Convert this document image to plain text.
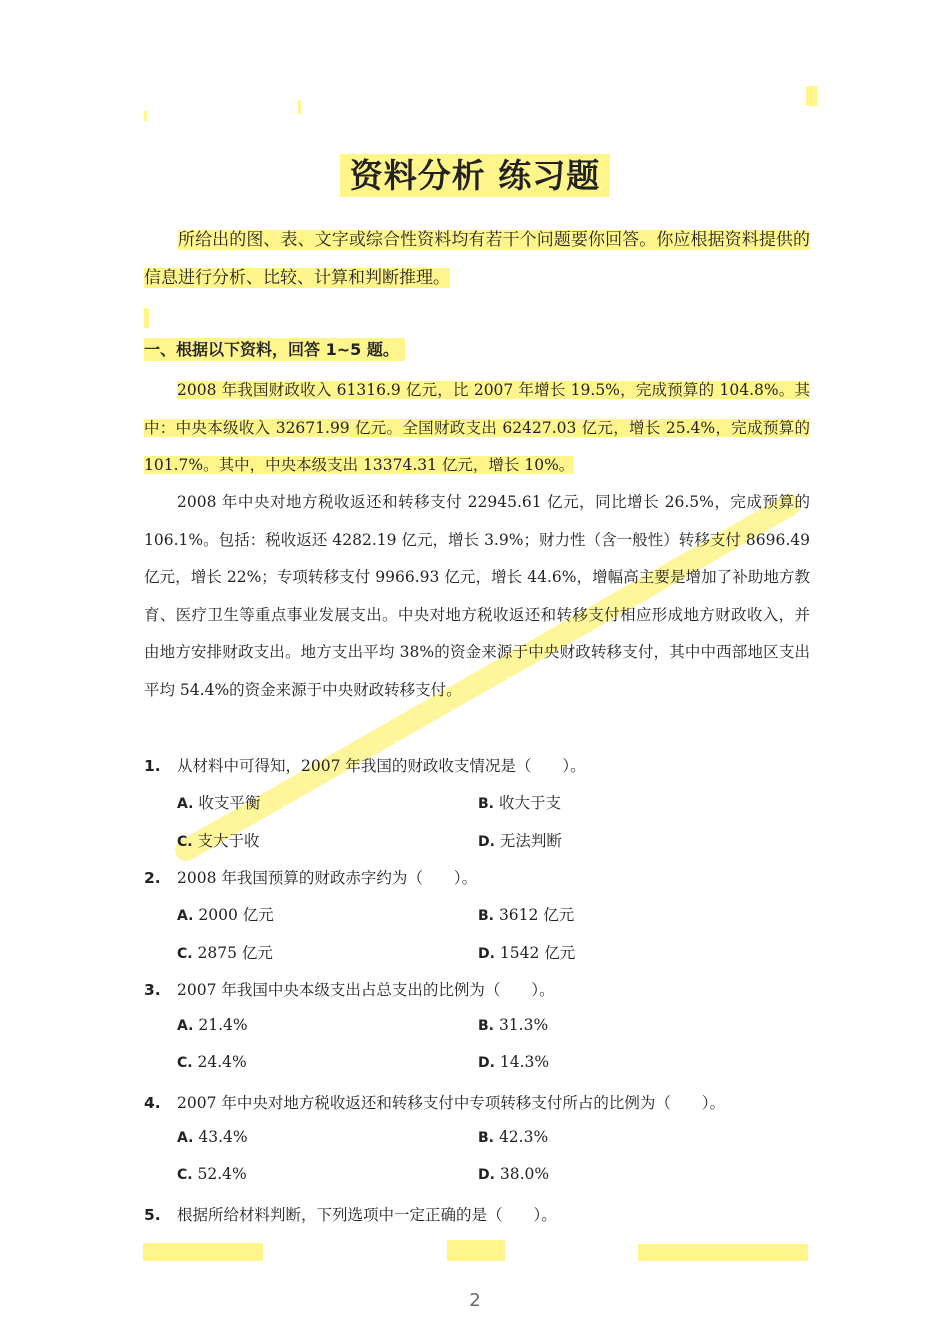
资料分析 练习题
所给出的图、表、文字或综合性资料均有若干个问题要你回答。你应根据资料提供的信息进行分析、比较、计算和判断推理。
一、根据以下资料，回答 1~5 题。
2008 年我国财政收入 61316.9 亿元，比 2007 年增长 19.5%，完成预算的 104.8%。其中：中央本级收入 32671.99 亿元。全国财政支出 62427.03 亿元，增长 25.4%，完成预算的 101.7%。其中，中央本级支出 13374.31 亿元，增长 10%。
2008 年中央对地方税收返还和转移支付 22945.61 亿元，同比增长 26.5%，完成预算的 106.1%。包括：税收返还 4282.19 亿元，增长 3.9%；财力性（含一般性）转移支付 8696.49 亿元，增长 22%；专项转移支付 9966.93 亿元，增长 44.6%，增幅高主要是增加了补助地方教育、医疗卫生等重点事业发展支出。中央对地方税收返还和转移支付相应形成地方财政收入，并由地方安排财政支出。地方支出平均 38%的资金来源于中央财政转移支付，其中中西部地区支出平均 54.4%的资金来源于中央财政转移支付。
1. 从材料中可得知，2007 年我国的财政收支情况是（　　）。
A. 收支平衡	B. 收大于支
C. 支大于收	D. 无法判断
2. 2008 年我国预算的财政赤字约为（　　）。
A. 2000 亿元	B. 3612 亿元
C. 2875 亿元	D. 1542 亿元
3. 2007 年我国中央本级支出占总支出的比例为（　　）。
A. 21.4%	B. 31.3%
C. 24.4%	D. 14.3%
4. 2007 年中央对地方税收返还和转移支付中专项转移支付所占的比例为（　　）。
A. 43.4%	B. 42.3%
C. 52.4%	D. 38.0%
5. 根据所给材料判断，下列选项中一定正确的是（　　）。
2
